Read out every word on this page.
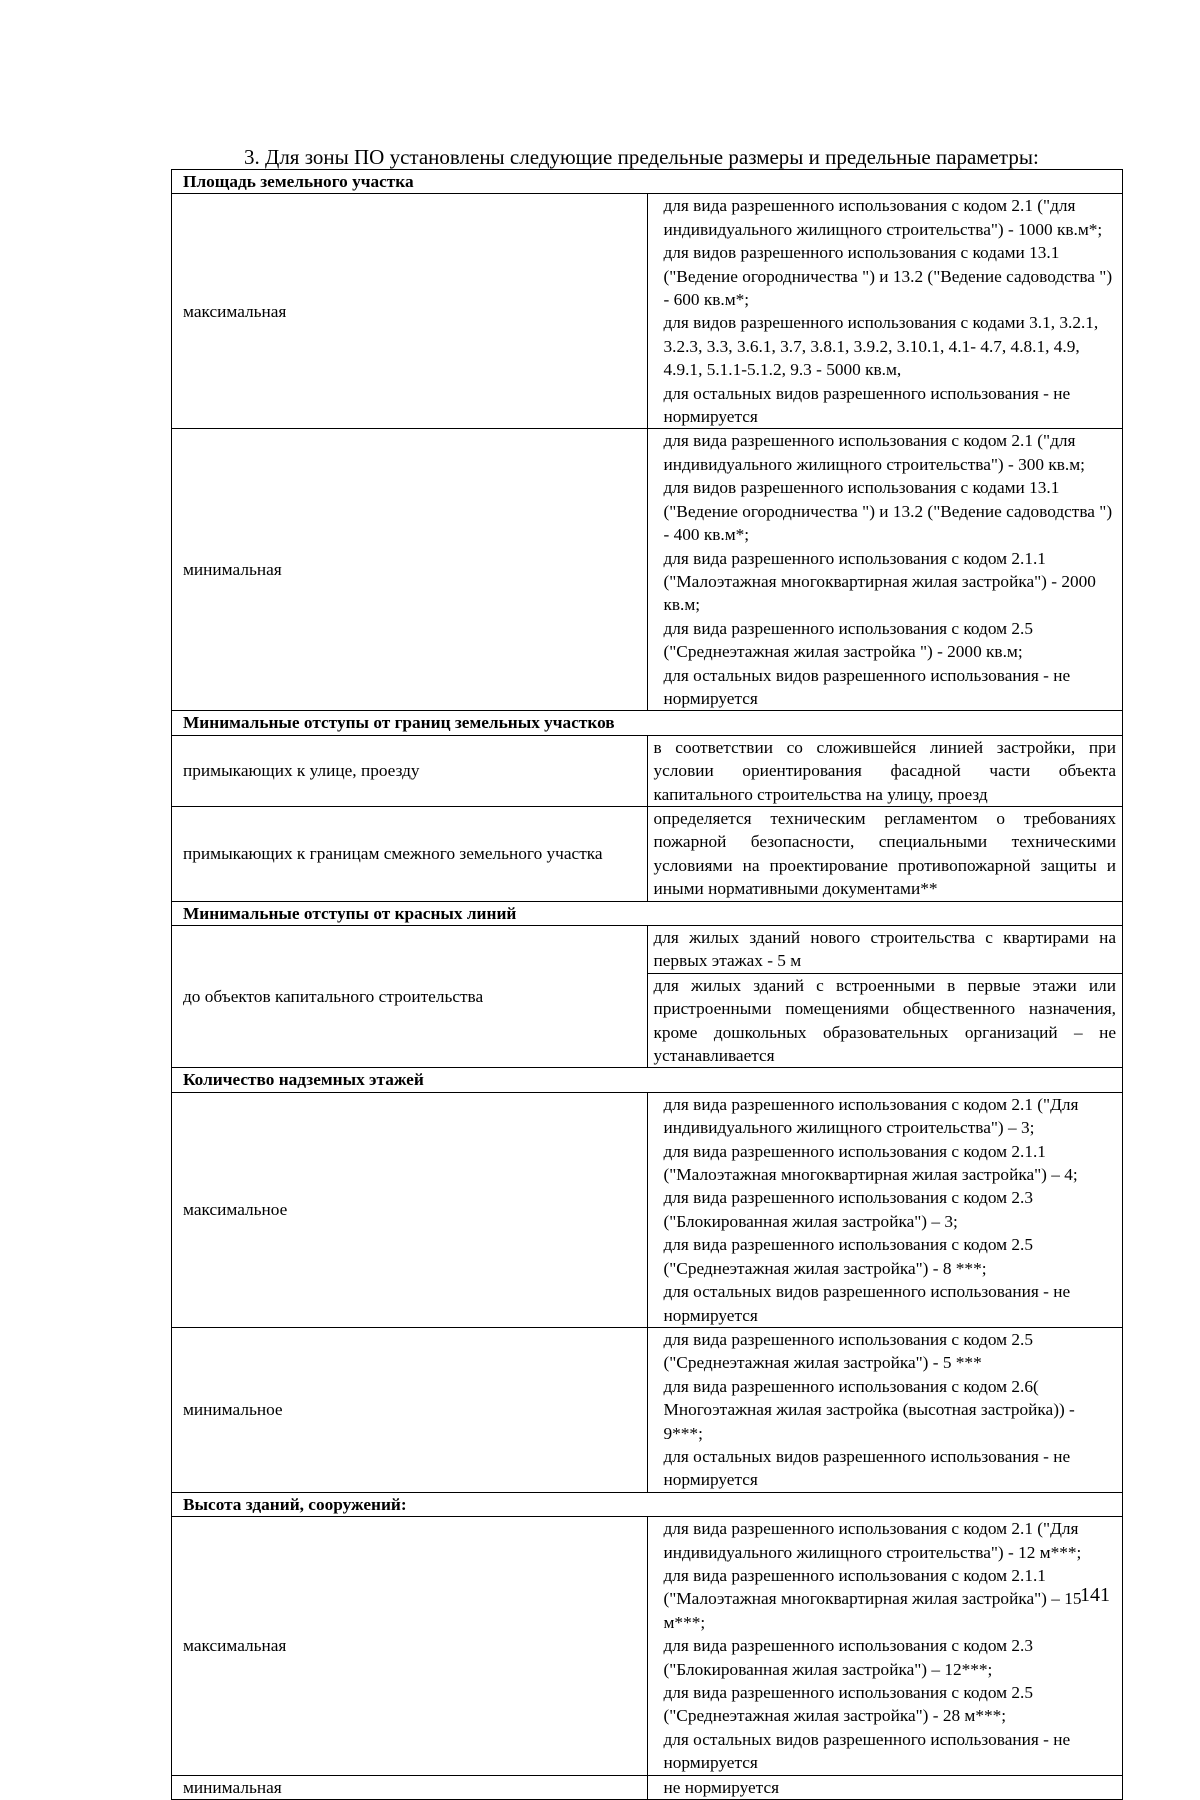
3. Для зоны ПО установлены следующие предельные размеры и предельные параметры:

Площадь земельного участка	
максимальная	для вида разрешенного использования с кодом 2.1 ("для индивидуального жилищного строительства") - 1000 кв.м*;
для видов разрешенного использования с кодами 13.1 ("Ведение огородничества ") и 13.2 ("Ведение садоводства ") - 600 кв.м*;
для видов разрешенного использования с кодами 3.1, 3.2.1, 3.2.3, 3.3, 3.6.1, 3.7, 3.8.1, 3.9.2, 3.10.1, 4.1- 4.7, 4.8.1, 4.9, 4.9.1, 5.1.1-5.1.2, 9.3 - 5000 кв.м,
для остальных видов разрешенного использования - не нормируется

минимальная	для вида разрешенного использования с кодом 2.1 ("для индивидуального жилищного строительства") - 300 кв.м;
для видов разрешенного использования с кодами 13.1 ("Ведение огородничества ") и 13.2 ("Ведение садоводства ") - 400 кв.м*;
для вида разрешенного использования с кодом 2.1.1 ("Малоэтажная многоквартирная жилая застройка") - 2000 кв.м;
для вида разрешенного использования с кодом 2.5 ("Среднеэтажная жилая застройка ") - 2000 кв.м;
для остальных видов разрешенного использования - не нормируется

Минимальные отступы от границ земельных участков	
примыкающих к улице, проезду	в соответствии со сложившейся линией застройки, при условии ориентирования фасадной части объекта капитального строительства на улицу, проезд

примыкающих к границам смежного земельного участка	определяется техническим регламентом о требованиях пожарной безопасности, специальными техническими условиями на проектирование противопожарной защиты и иными нормативными документами**

Минимальные отступы от красных линий	
до объектов капитального строительства	для жилых зданий нового строительства с квартирами на первых этажах - 5 м

	для жилых зданий с встроенными в первые этажи или пристроенными помещениями общественного назначения, кроме дошкольных образовательных организаций – не устанавливается

Количество надземных этажей	
максимальное	для вида разрешенного использования с кодом 2.1 ("Для индивидуального жилищного строительства") – 3;
для вида разрешенного использования с кодом 2.1.1 ("Малоэтажная многоквартирная жилая застройка") – 4;
для вида разрешенного использования с кодом 2.3 ("Блокированная жилая застройка") – 3;
для вида разрешенного использования с кодом 2.5 ("Среднеэтажная жилая застройка") - 8 ***;
для остальных видов разрешенного использования - не нормируется

минимальное	для вида разрешенного использования с кодом 2.5 ("Среднеэтажная жилая застройка") - 5 ***
для вида разрешенного использования с кодом 2.6( Многоэтажная жилая застройка (высотная застройка)) - 9***;
для остальных видов разрешенного использования - не нормируется

Высота зданий, сооружений:	
максимальная	для вида разрешенного использования с кодом 2.1 ("Для индивидуального жилищного строительства") - 12 м***;
для вида разрешенного использования с кодом 2.1.1 ("Малоэтажная многоквартирная жилая застройка") – 15 м***;
для вида разрешенного использования с кодом 2.3 ("Блокированная жилая застройка") – 12***;
для вида разрешенного использования с кодом 2.5 ("Среднеэтажная жилая застройка") - 28 м***;
для остальных видов разрешенного использования - не нормируется

минимальная	не нормируется
141
